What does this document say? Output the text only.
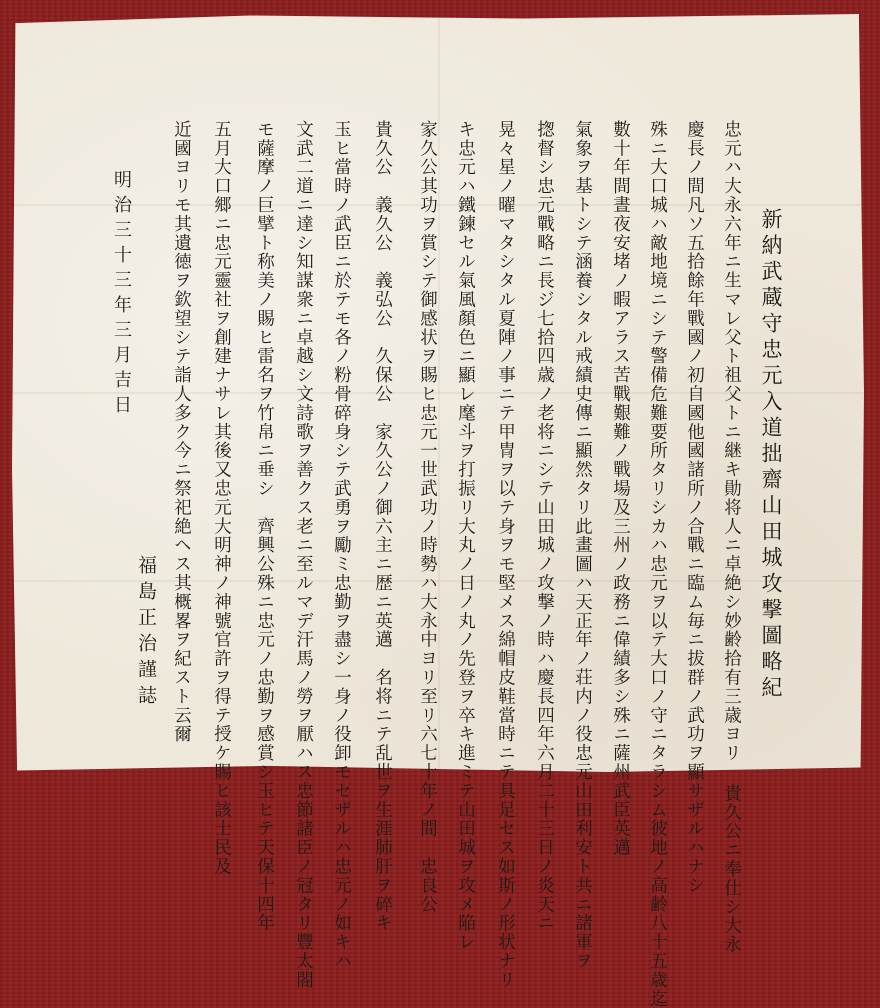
新納武蔵守忠元入道拙齋山田城攻撃圖略紀
忠元ハ大永六年ニ生マレ父ト祖父トニ継キ勛将人ニ卓絶シ妙齢拾有三歳ヨリ 貴久公ニ奉仕シ大永
慶長ノ間凡ソ五拾餘年戰國ノ初自國他國諸所ノ合戰ニ臨ム毎ニ拔群ノ武功ヲ顯サザルハナシ
殊ニ大口城ハ敵地境ニシテ警備危難要所タリシカハ忠元ヲ以テ大口ノ守ニタラシム彼地ノ高齢八十五歳迄
數十年間晝夜安堵ノ暇アラス苦戰艱難ノ戰場及三州ノ政務ニ偉績多シ殊ニ薩州武臣英邁
氣象ヲ基トシテ涵養シタル戒績史傳ニ顯然タリ此畫圖ハ天正年ノ荘内ノ役忠元山田利安ト共ニ諸軍ヲ
揔督シ忠元戰略ニ長ジ七拾四歳ノ老将ニシテ山田城ノ攻撃ノ時ハ慶長四年六月二十三日ノ炎天ニ
晃々星ノ曜マタシタル夏陣ノ事ニテ甲冑ヲ以テ身ヲモ堅メス綿帽皮鞋當時ニテ具足セス如斯ノ形状ナリ
キ忠元ハ鐵鍊セル氣風顏色ニ顯レ麾斗ヲ打振リ大丸ノ日ノ丸ノ先登ヲ卒キ進ミテ山田城ヲ攻メ陥レ
家久公其功ヲ賞シテ御感状ヲ賜ヒ忠元一世武功ノ時勢ハ大永中ヨリ至リ六七十年ノ間　忠良公
貴久公　義久公　義弘公　久保公　家久公ノ御六主ニ歴ニ英邁　名将ニテ乱世ヲ生涯肺肝ヲ碎キ
玉ヒ當時ノ武臣ニ於テモ各ノ粉骨碎身シテ武勇ヲ勵ミ忠勤ヲ盡シ一身ノ役卸モセザルハ忠元ノ如キハ
文武二道ニ達シ知謀衆ニ卓越シ文詩歌ヲ善クス老ニ至ルマデ汗馬ノ勞ヲ厭ハス忠節諸臣ノ冠タリ豐太閤
モ薩摩ノ巨擘ト称美ノ賜ヒ雷名ヲ竹帛ニ垂シ　齊興公殊ニ忠元ノ忠勤ヲ感賞シ玉ヒテ天保十四年
五月大口郷ニ忠元靈社ヲ創建ナサレ其後又忠元大明神ノ神號官許ヲ得テ授ケ賜ヒ該士民及
近國ヨリモ其遺徳ヲ欽望シテ詣人多ク今ニ祭祀絶ヘス其概畧ヲ紀スト云爾
明治三十三年三月吉日
福島正治謹誌
